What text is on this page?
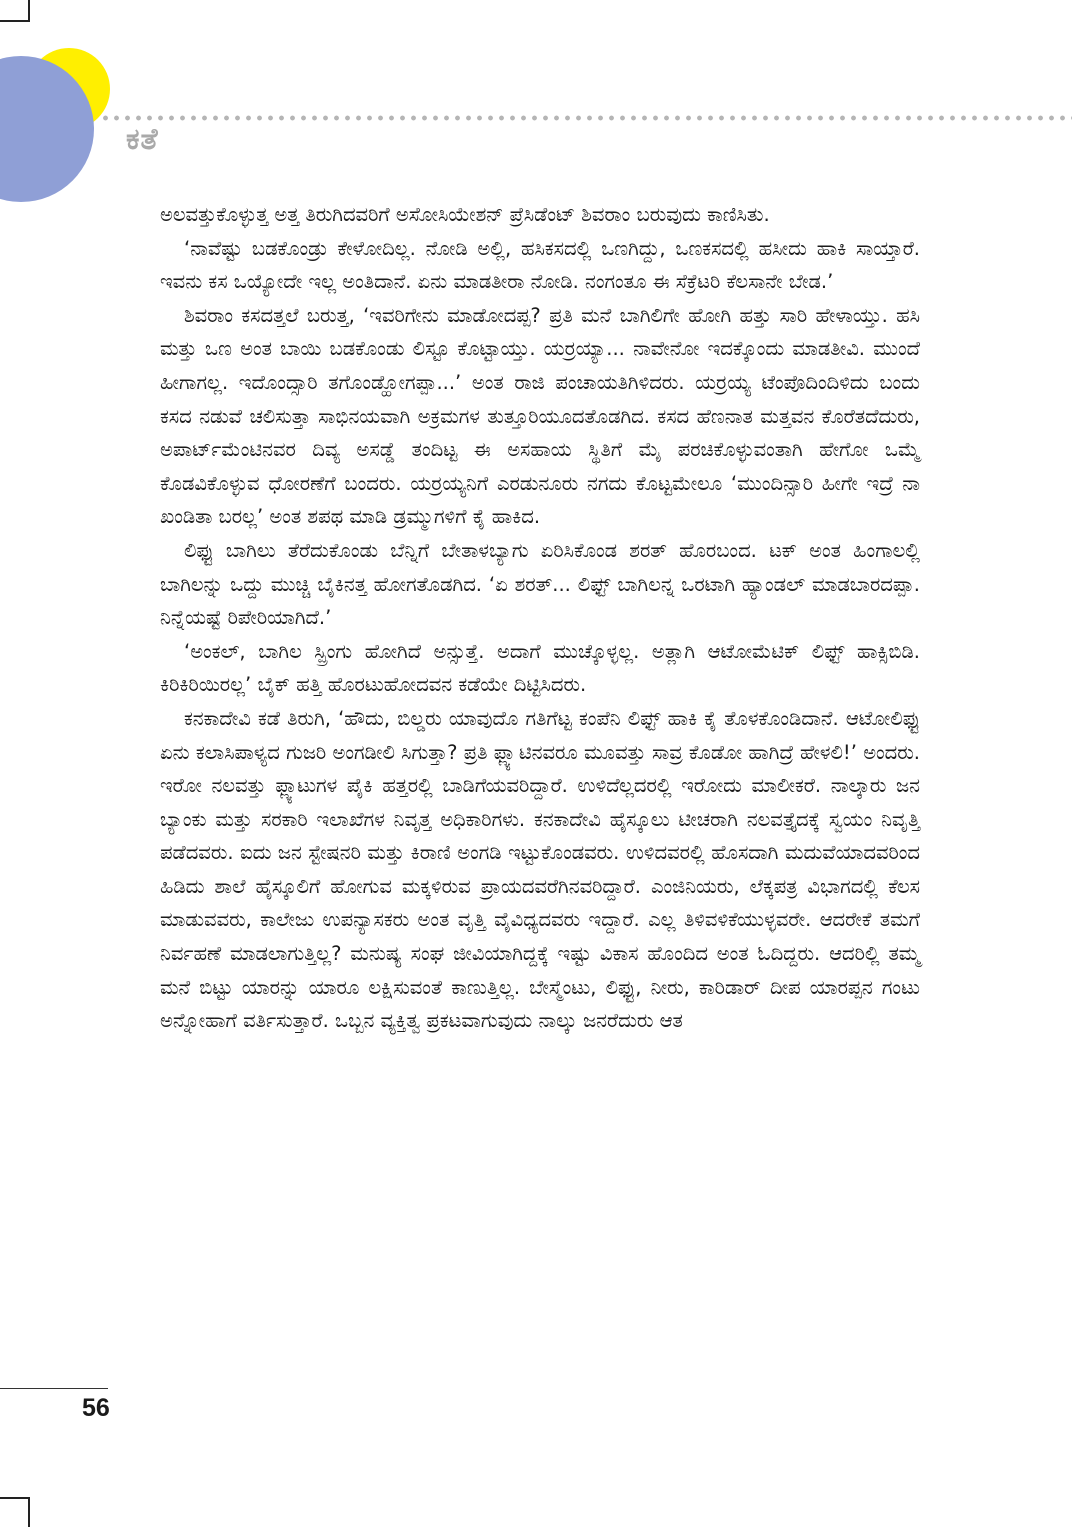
ಕತೆ

ಅಲವತ್ತುಕೊಳ್ಳುತ್ತ ಅತ್ತ ತಿರುಗಿದವರಿಗೆ ಅಸೋಸಿಯೇಶನ್ ಪ್ರೆಸಿಡೆಂಟ್ ಶಿವರಾಂ ಬರುವುದು ಕಾಣಿಸಿತು.

‘ನಾವೆಷ್ಟು ಬಡಕೊಂಡ್ರು ಕೇಳೋದಿಲ್ಲ. ನೋಡಿ ಅಲ್ಲಿ, ಹಸಿಕಸದಲ್ಲಿ ಒಣಗಿದ್ದು, ಒಣಕಸದಲ್ಲಿ ಹಸೀದು ಹಾಕಿ ಸಾಯ್ತಾರೆ. ಇವನು ಕಸ ಒಯ್ಯೋದೇ ಇಲ್ಲ ಅಂತಿದಾನೆ. ಏನು ಮಾಡತೀರಾ ನೋಡಿ. ನಂಗಂತೂ ಈ ಸೆಕ್ರೆಟರಿ ಕೆಲಸಾನೇ ಬೇಡ.’

ಶಿವರಾಂ ಕಸದತ್ತಲೆ ಬರುತ್ತ, ‘ಇವರಿಗೇನು ಮಾಡೋದಪ್ಪ? ಪ್ರತಿ ಮನೆ ಬಾಗಿಲಿಗೇ ಹೋಗಿ ಹತ್ತು ಸಾರಿ ಹೇಳಾಯ್ತು. ಹಸಿ ಮತ್ತು ಒಣ ಅಂತ ಬಾಯಿ ಬಡಕೊಂಡು ಲಿಸ್ಟೂ ಕೊಟ್ಟಾಯ್ತು. ಯರ್‍ರಯ್ಯಾ... ನಾವೇನೋ ಇದಕ್ಕೊಂದು ಮಾಡತೀವಿ. ಮುಂದೆ ಹೀಗಾಗಲ್ಲ. ಇದೊಂದ್ಸಾರಿ ತಗೊಂಡ್ಹೋಗಪ್ಪಾ...’ ಅಂತ ರಾಜಿ ಪಂಚಾಯತಿಗಿಳಿದರು. ಯರ್‍ರಯ್ಯ ಟೆಂಪೊದಿಂದಿಳಿದು ಬಂದು ಕಸದ ನಡುವೆ ಚಲಿಸುತ್ತಾ ಸಾಭಿನಯವಾಗಿ ಅಕ್ರಮಗಳ ತುತ್ತೂರಿಯೂದತೊಡಗಿದ. ಕಸದ ಹೆಣನಾತ ಮತ್ತವನ ಕೊರೆತದೆದುರು, ಅಪಾರ್ಟ್‌ಮೆಂಟಿನವರ ದಿವ್ಯ ಅಸಡ್ಡೆ ತಂದಿಟ್ಟ ಈ ಅಸಹಾಯ ಸ್ಥಿತಿಗೆ ಮೈ ಪರಚಿಕೊಳ್ಳುವಂತಾಗಿ ಹೇಗೋ ಒಮ್ಮೆ ಕೊಡವಿಕೊಳ್ಳುವ ಧೋರಣೆಗೆ ಬಂದರು. ಯರ್‍ರಯ್ಯನಿಗೆ ಎರಡುನೂರು ನಗದು ಕೊಟ್ಟಮೇಲೂ ‘ಮುಂದಿನ್ಸಾರಿ ಹೀಗೇ ಇದ್ರೆ ನಾ ಖಂಡಿತಾ ಬರಲ್ಲ’ ಅಂತ ಶಪಥ ಮಾಡಿ ಡ್ರಮ್ಮುಗಳಿಗೆ ಕೈ ಹಾಕಿದ.

ಲಿಫ್ಟು ಬಾಗಿಲು ತೆರೆದುಕೊಂಡು ಬೆನ್ನಿಗೆ ಬೇತಾಳಬ್ಯಾಗು ಏರಿಸಿಕೊಂಡ ಶರತ್ ಹೊರಬಂದ. ಟಕ್ ಅಂತ ಹಿಂಗಾಲಲ್ಲಿ ಬಾಗಿಲನ್ನು ಒದ್ದು ಮುಚ್ಚಿ ಬೈಕಿನತ್ತ ಹೋಗತೊಡಗಿದ. ‘ಏ ಶರತ್... ಲಿಫ್ಟ್ ಬಾಗಿಲನ್ನ ಒರಟಾಗಿ ಹ್ಯಾಂಡಲ್ ಮಾಡಬಾರದಪ್ಪಾ. ನಿನ್ನೆಯಷ್ಟೆ ರಿಪೇರಿಯಾಗಿದೆ.’

‘ಅಂಕಲ್, ಬಾಗಿಲ ಸ್ಪ್ರಿಂಗು ಹೋಗಿದೆ ಅನ್ಸುತ್ತೆ. ಅದಾಗೆ ಮುಚ್ಕೊಳ್ಳಲ್ಲ. ಅತ್ಲಾಗಿ ಆಟೋಮೆಟಿಕ್ ಲಿಫ್ಟ್ ಹಾಕ್ಸಿಬಿಡಿ. ಕಿರಿಕಿರಿಯಿರಲ್ಲ’ ಬೈಕ್ ಹತ್ತಿ ಹೊರಟುಹೋದವನ ಕಡೆಯೇ ದಿಟ್ಟಿಸಿದರು.

ಕನಕಾದೇವಿ ಕಡೆ ತಿರುಗಿ, ‘ಹೌದು, ಬಿಲ್ಡರು ಯಾವುದೊ ಗತಿಗೆಟ್ಟ ಕಂಪೆನಿ ಲಿಫ್ಟ್ ಹಾಕಿ ಕೈ ತೊಳಕೊಂಡಿದಾನೆ. ಆಟೋಲಿಫ್ಟು ಏನು ಕಲಾಸಿಪಾಳ್ಯದ ಗುಜರಿ ಅಂಗಡೀಲಿ ಸಿಗುತ್ತಾ? ಪ್ರತಿ ಫ್ಲ್ಯಾಟಿನವರೂ ಮೂವತ್ತು ಸಾವ್ರ ಕೊಡೋ ಹಾಗಿದ್ರೆ ಹೇಳಲಿ!’ ಅಂದರು. ಇರೋ ನಲವತ್ತು ಫ್ಲ್ಯಾಟುಗಳ ಪೈಕಿ ಹತ್ತರಲ್ಲಿ ಬಾಡಿಗೆಯವರಿದ್ದಾರೆ. ಉಳಿದೆಲ್ಲದರಲ್ಲಿ ಇರೋದು ಮಾಲೀಕರೆ. ನಾಲ್ಕಾರು ಜನ ಬ್ಯಾಂಕು ಮತ್ತು ಸರಕಾರಿ ಇಲಾಖೆಗಳ ನಿವೃತ್ತ ಅಧಿಕಾರಿಗಳು. ಕನಕಾದೇವಿ ಹೈಸ್ಕೂಲು ಟೀಚರಾಗಿ ನಲವತ್ತೈದಕ್ಕೆ ಸ್ವಯಂ ನಿವೃತ್ತಿ ಪಡೆದವರು. ಐದು ಜನ ಸ್ಟೇಷನರಿ ಮತ್ತು ಕಿರಾಣಿ ಅಂಗಡಿ ಇಟ್ಟುಕೊಂಡವರು. ಉಳಿದವರಲ್ಲಿ ಹೊಸದಾಗಿ ಮದುವೆಯಾದವರಿಂದ ಹಿಡಿದು ಶಾಲೆ ಹೈಸ್ಕೂಲಿಗೆ ಹೋಗುವ ಮಕ್ಕಳಿರುವ ಪ್ರಾಯದವರೆಗಿನವರಿದ್ದಾರೆ. ಎಂಜಿನಿಯರು, ಲೆಕ್ಕಪತ್ರ ವಿಭಾಗದಲ್ಲಿ ಕೆಲಸ ಮಾಡುವವರು, ಕಾಲೇಜು ಉಪನ್ಯಾಸಕರು ಅಂತ ವೃತ್ತಿ ವೈವಿಧ್ಯದವರು ಇದ್ದಾರೆ. ಎಲ್ಲ ತಿಳಿವಳಿಕೆಯುಳ್ಳವರೇ. ಆದರೇಕೆ ತಮಗೆ ನಿರ್ವಹಣೆ ಮಾಡಲಾಗುತ್ತಿಲ್ಲ? ಮನುಷ್ಯ ಸಂಘ ಜೀವಿಯಾಗಿದ್ದಕ್ಕೆ ಇಷ್ಟು ವಿಕಾಸ ಹೊಂದಿದ ಅಂತ ಓದಿದ್ದರು. ಆದರಿಲ್ಲಿ ತಮ್ಮ ಮನೆ ಬಿಟ್ಟು ಯಾರನ್ನು ಯಾರೂ ಲಕ್ಷಿಸುವಂತೆ ಕಾಣುತ್ತಿಲ್ಲ. ಬೇಸ್ಮೆಂಟು, ಲಿಫ್ಟು, ನೀರು, ಕಾರಿಡಾರ್ ದೀಪ ಯಾರಪ್ಪನ ಗಂಟು ಅನ್ನೋಹಾಗೆ ವರ್ತಿಸುತ್ತಾರೆ. ಒಬ್ಬನ ವ್ಯಕ್ತಿತ್ವ ಪ್ರಕಟವಾಗುವುದು ನಾಲ್ಕು ಜನರೆದುರು ಆತ

56
